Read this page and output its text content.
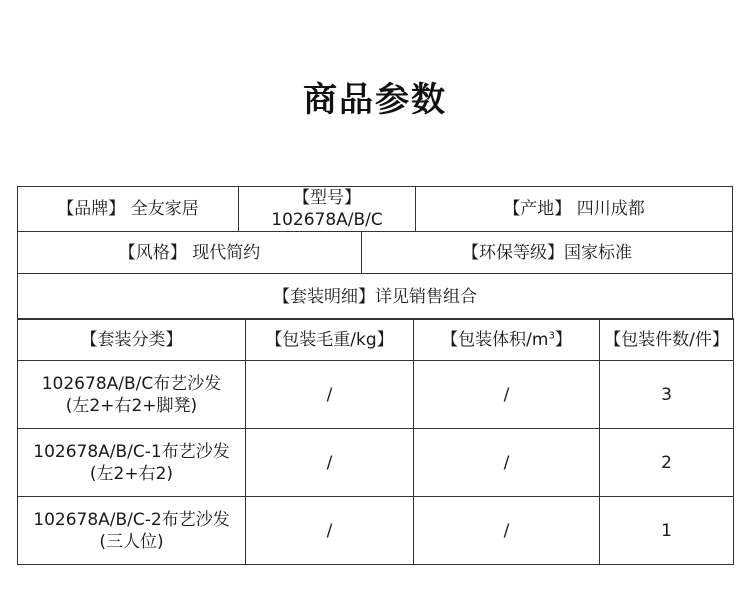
商品参数
【品牌】 全友家居	【型号】102678A/B/C		【产地】 四川成都
【风格】 现代简约		【环保等级】国家标准	
【套装明细】详见销售组合			
【套装分类】	【包装毛重/kg】	【包装体积$/m^3$】	【包装件数/件】

102678A/B/C布艺沙发
(左2+右2+脚凳)	/	/	3

102678A/B/C-1布艺沙发
(左2+右2)	/	/	2

102678A/B/C-2布艺沙发
(三人位)	/	/	1
